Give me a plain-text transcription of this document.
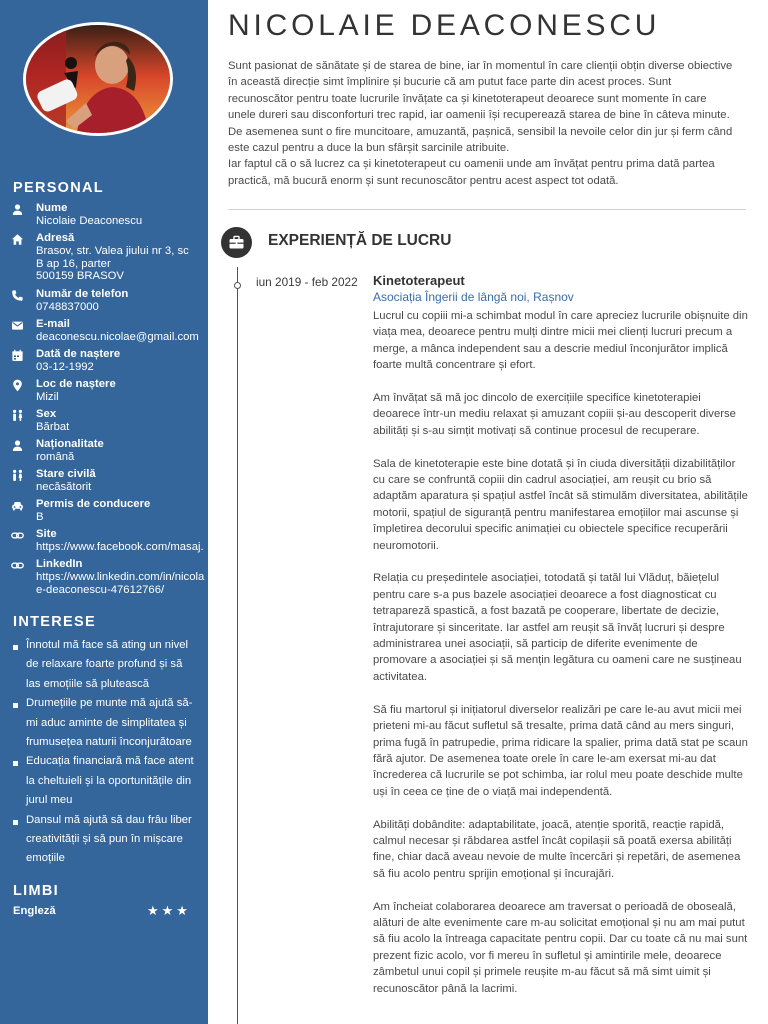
PERSONAL
Nume
Nicolaie Deaconescu
Adresă
Brasov, str. Valea jiului nr 3, sc
B ap 16, parter
500159 BRASOV
Număr de telefon
0748837000
E-mail
deaconescu.nicolae@gmail.com
Dată de naștere
03-12-1992
Loc de naștere
Mizil
Sex
Bărbat
Naționalitate
română
Stare civilă
necăsătorit
Permis de conducere
B
Site
https://www.facebook.com/masaj.
LinkedIn
https://www.linkedin.com/in/nicolae-deaconescu-47612766/
INTERESE
Înnotul mă face să ating un nivel de relaxare foarte profund și să las emoțiile să plutească
Drumețiile pe munte mă ajută să-mi aduc aminte de simplitatea și frumusețea naturii înconjurătoare
Educația financiară mă face atent la cheltuieli și la oportunitățile din jurul meu
Dansul mă ajută să dau frâu liber creativității și să pun în mișcare emoțiile
LIMBI
Engleză	★★★
NICOLAIE DEACONESCU
Sunt pasionat de sănătate și de starea de bine, iar în momentul în care clienții obțin diverse obiective
în această direcție simt împlinire și bucurie că am putut face parte din acest proces. Sunt
recunoscător pentru toate lucrurile învățate ca și kinetoterapeut deoarece sunt momente în care
unele dureri sau disconforturi trec rapid, iar oamenii își recuperează starea de bine în câteva minute.
De asemenea sunt o fire muncitoare, amuzantă, pașnică, sensibil la nevoile celor din jur și ferm când
este cazul pentru a duce la bun sfârșit sarcinile atribuite.
Iar faptul că o să lucrez ca și kinetoterapeut cu oamenii unde am învățat pentru prima dată partea
practică, mă bucură enorm și sunt recunoscător pentru acest aspect tot odată.
EXPERIENȚĂ DE LUCRU
iun 2019 - feb 2022 Kinetoterapeut
Asociația Îngerii de lângă noi, Rașnov

Lucrul cu copiii mi-a schimbat modul în care apreciez lucrurile obișnuite din viața mea, deoarece pentru mulți dintre micii mei clienți lucruri precum a merge, a mânca independent sau a descrie mediul înconjurător implică foarte multă concentrare și efort.

Am învățat să mă joc dincolo de exercițiile specifice kinetoterapiei deoarece într-un mediu relaxat și amuzant copiii și-au descoperit diverse abilități și s-au simțit motivați să continue procesul de recuperare.

Sala de kinetoterapie este bine dotată și în ciuda diversității dizabilităților cu care se confruntă copiii din cadrul asociației, am reușit cu brio să adaptăm aparatura și spațiul astfel încât să stimulăm diversitatea, abilitățile motorii, spațiul de siguranță pentru manifestarea emoțiilor mai ascunse și împletirea decorului specific animației cu obiectele specifice recuperării neuromotorii.

Relația cu președintele asociației, totodată și tatăl lui Vlăduț, băiețelul pentru care s-a pus bazele asociației deoarece a fost diagnosticat cu tetrapareză spastică, a fost bazată pe cooperare, libertate de decizie, întrajutorare și sinceritate. Iar astfel am reușit să învăț lucruri și despre administrarea unei asociații, să particip de diferite evenimente de promovare a asociației și să mențin legătura cu oameni care ne susțineau activitatea.

Să fiu martorul și inițiatorul diverselor realizări pe care le-au avut micii mei prieteni mi-au făcut sufletul să tresalte, prima dată când au mers singuri, prima fugă în patrupedie, prima ridicare la spalier, prima dată stat pe scaun fără ajutor. De asemenea toate orele în care le-am exersat mi-au dat încrederea că lucrurile se pot schimba, iar rolul meu poate deschide multe uși în ceea ce ține de o viață mai independentă.

Abilități dobândite: adaptabilitate, joacă, atenție sporită, reacție rapidă, calmul necesar și răbdarea astfel încât copilașii să poată exersa abilități fine, chiar dacă aveau nevoie de multe încercări și repetări, de asemenea să fiu acolo pentru sprijin emoțional și încurajări.

Am încheiat colaborarea deoarece am traversat o perioadă de oboseală, alături de alte evenimente care m-au solicitat emoțional și nu am mai putut să fiu acolo la întreaga capacitate pentru copii. Dar cu toate că nu mai sunt prezent fizic acolo, vor fi mereu în sufletul și amintirile mele, deoarece zâmbetul unui copil și primele reușite m-au făcut să mă simt uimit și recunoscător până la lacrimi.
